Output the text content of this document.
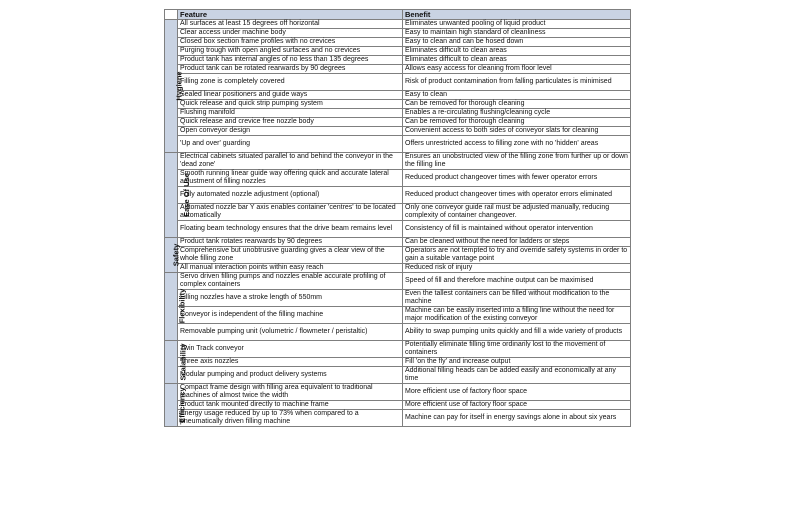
	Feature	Benefit
Hygiene	All surfaces at least 15 degrees off horizontal	Eliminates unwanted pooling of liquid product
	Clear access under machine body	Easy to maintain high standard of cleanliness
	Closed box section frame profiles with no crevices	Easy to clean and can be hosed down
	Purging trough with open angled surfaces and no crevices	Eliminates difficult to clean areas
	Product tank has internal angles of no less than 135 degrees	Eliminates difficult to clean areas
	Product tank can be rotated rearwards by 90 degrees	Allows easy access for cleaning from floor level
	Filling zone is completely covered	Risk of product contamination from falling particulates is minimised
	Sealed linear positioners and guide ways	Easy to clean
	Quick release and quick strip pumping system	Can be removed for thorough cleaning
	Flushing manifold	Enables a re-circulating flushing/cleaning cycle
	Quick release and crevice free nozzle body	Can be removed for thorough cleaning
	Open conveyor design	Convenient access to both sides of conveyor slats for cleaning
	'Up and over' guarding	Offers unrestricted access to filling zone with no 'hidden' areas
Ease Of Use	Electrical cabinets situated parallel to and behind the conveyor in the 'dead zone'	Ensures an unobstructed view of the filling zone from further up or down the filling line
	Smooth running linear guide way offering quick and accurate lateral adjustment of filling nozzles	Reduced product changeover times with fewer operator errors
	Fully automated nozzle adjustment (optional)	Reduced product changeover times with operator errors eliminated
	Automated nozzle bar Y axis enables container 'centres' to be located automatically	Only one conveyor guide rail must be adjusted manually, reducing complexity of container changeover.
	Floating beam technology ensures that the drive beam remains level	Consistency of fill is maintained without operator intervention
Safety	Product tank rotates rearwards by 90 degrees	Can be cleaned without the need for ladders or steps
	Comprehensive but unobtrusive guarding gives a clear view of the whole filling zone	Operators are not tempted to try and override safety systems in order to gain a suitable vantage point
	All manual interaction points within easy reach	Reduced risk of injury
Flexibility	Servo driven filling pumps and nozzles enable accurate profiling of complex containers	Speed of fill and therefore machine output can be maximised
	Filling nozzles have a stroke length of 550mm	Even the tallest containers can be filled without modification to the machine
	Conveyor is independent of the filling machine	Machine can be easily inserted into a filling line without the need for major modification of the existing conveyor
	Removable pumping unit (volumetric / flowmeter / peristaltic)	Ability to swap pumping units quickly and fill a wide variety of products
Scalability	Twin Track conveyor	Potentially eliminate filling time ordinarily lost to the movement of containers
	Three axis nozzles	Fill 'on the fly' and increase output
	Modular pumping and product delivery systems	Additional filling heads can be added easily and economically at any time
Efficiency	Compact frame design with filling area equivalent to traditional machines of almost twice the width	More efficient use of factory floor space
	Product tank mounted directly to machine frame	More efficient use of factory floor space
	Energy usage reduced by up to 73% when compared to a pneumatically driven filling machine	Machine can pay for itself in energy savings alone in about six years
